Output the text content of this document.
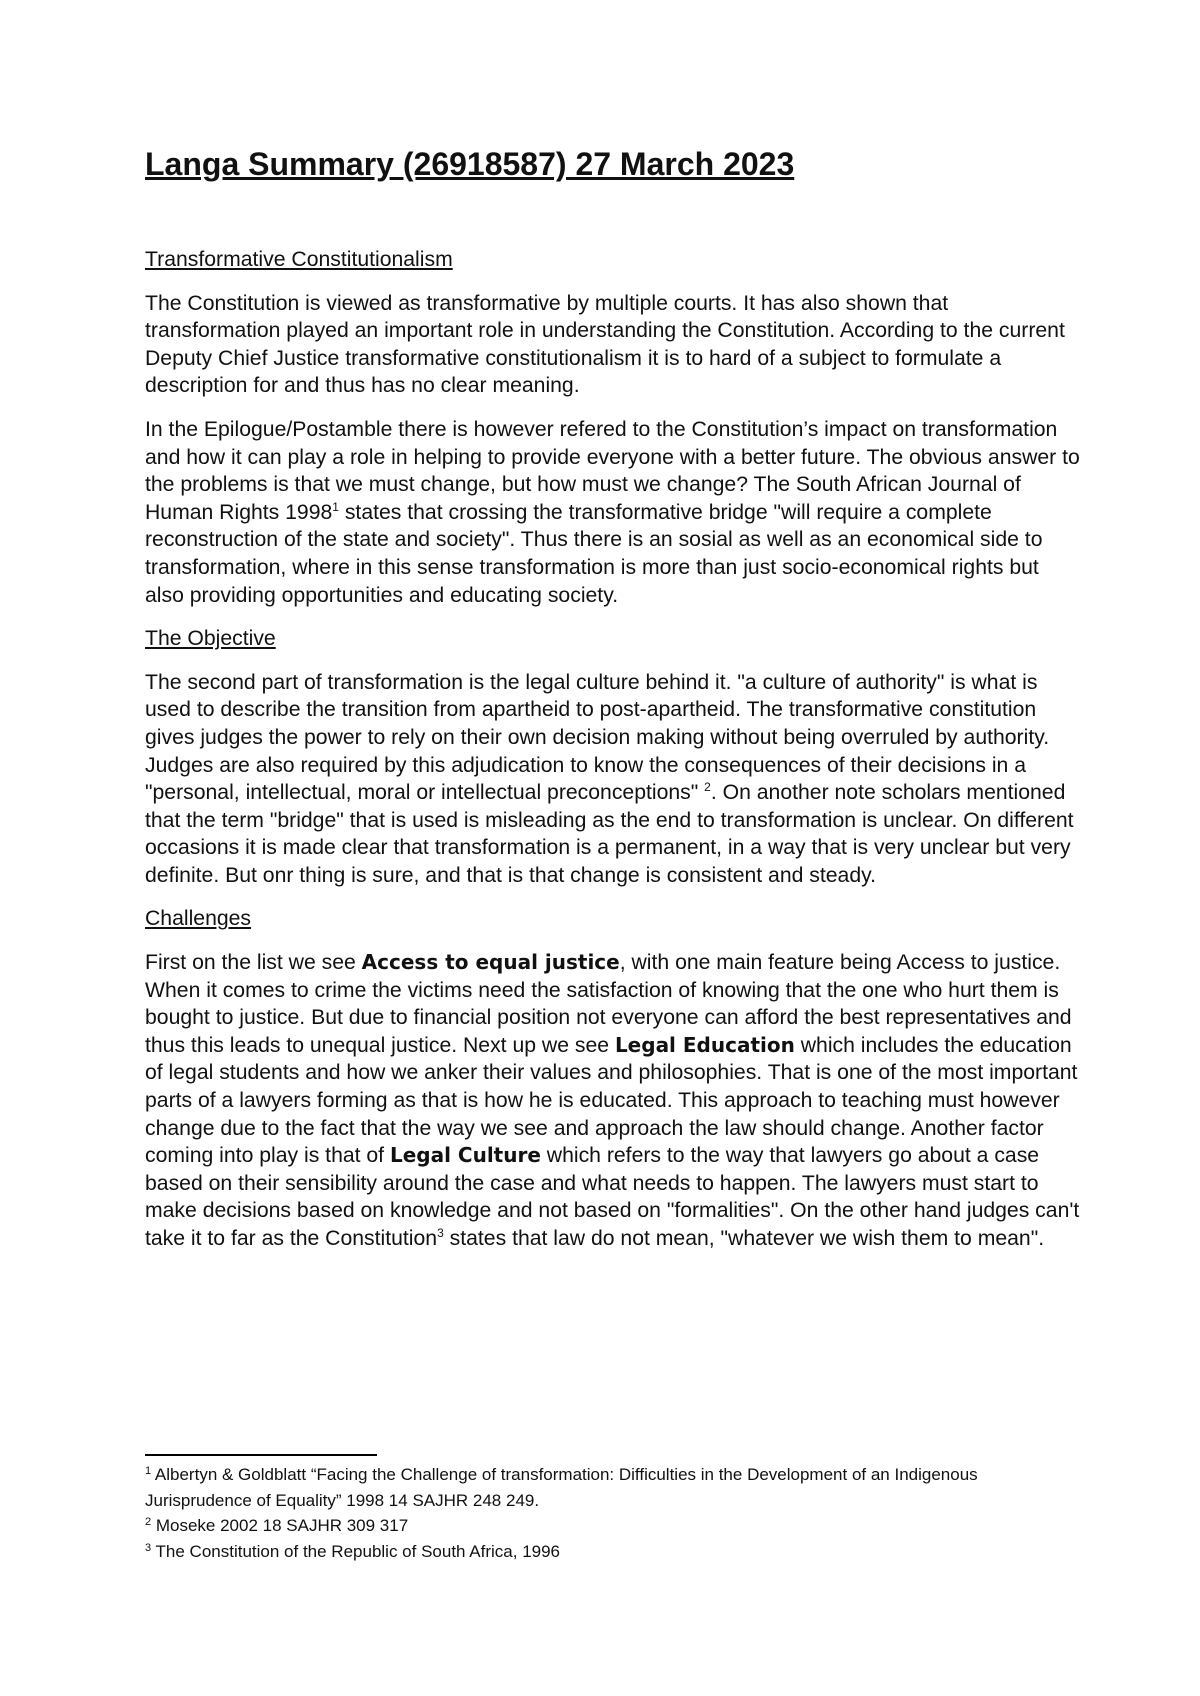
Langa Summary (26918587) 27 March 2023

Transformative Constitutionalism

The Constitution is viewed as transformative by multiple courts. It has also shown that transformation played an important role in understanding the Constitution. According to the current Deputy Chief Justice transformative constitutionalism it is to hard of a subject to formulate a description for and thus has no clear meaning.

In the Epilogue/Postamble there is however refered to the Constitution’s impact on transformation and how it can play a role in helping to provide everyone with a better future. The obvious answer to the problems is that we must change, but how must we change? The South African Journal of Human Rights 1998$^1$ states that crossing the transformative bridge "will require a complete reconstruction of the state and society". Thus there is an sosial as well as an economical side to transformation, where in this sense transformation is more than just socio-economical rights but also providing opportunities and educating society.

The Objective

The second part of transformation is the legal culture behind it. "a culture of authority" is what is used to describe the transition from apartheid to post-apartheid. The transformative constitution gives judges the power to rely on their own decision making without being overruled by authority. Judges are also required by this adjudication to know the consequences of their decisions in a "personal, intellectual, moral or intellectual preconceptions" $^2$. On another note scholars mentioned that the term "bridge" that is used is misleading as the end to transformation is unclear. On different occasions it is made clear that transformation is a permanent, in a way that is very unclear but very definite. But onr thing is sure, and that is that change is consistent and steady.

Challenges

First on the list we see Access to equal justice, with one main feature being Access to justice. When it comes to crime the victims need the satisfaction of knowing that the one who hurt them is bought to justice. But due to financial position not everyone can afford the best representatives and thus this leads to unequal justice. Next up we see Legal Education which includes the education of legal students and how we anker their values and philosophies. That is one of the most important parts of a lawyers forming as that is how he is educated. This approach to teaching must however change due to the fact that the way we see and approach the law should change. Another factor coming into play is that of Legal Culture which refers to the way that lawyers go about a case based on their sensibility around the case and what needs to happen. The lawyers must start to make decisions based on knowledge and not based on "formalities". On the other hand judges can't take it to far as the Constitution$^3$ states that law do not mean, "whatever we wish them to mean".

$^1$ Albertyn & Goldblatt “Facing the Challenge of transformation: Difficulties in the Development of an Indigenous Jurisprudence of Equality” 1998 14 SAJHR 248 249.

$^2$ Moseke 2002 18 SAJHR 309 317

$^3$ The Constitution of the Republic of South Africa, 1996
